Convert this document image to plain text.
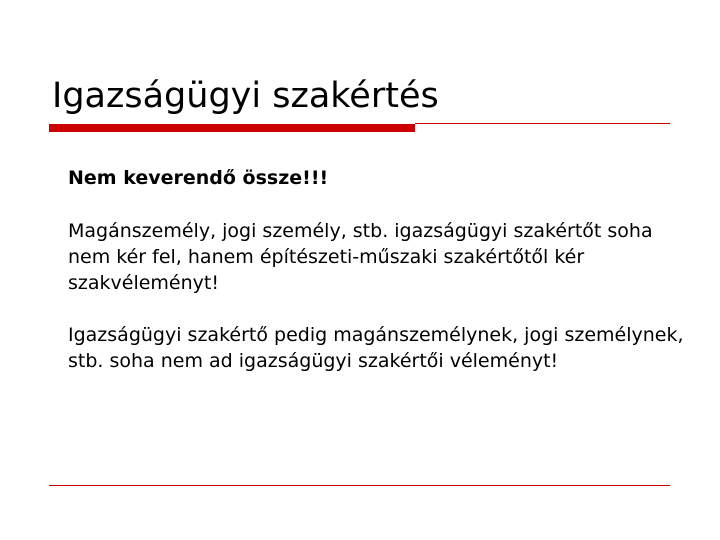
Igazságügyi szakértés

Nem keverendő össze!!!

Magánszemély, jogi személy, stb. igazságügyi szakértőt soha nem kér fel, hanem építészeti-műszaki szakértőtől kér szakvéleményt!

Igazságügyi szakértő pedig magánszemélynek, jogi személynek, stb. soha nem ad igazságügyi szakértői véleményt!
